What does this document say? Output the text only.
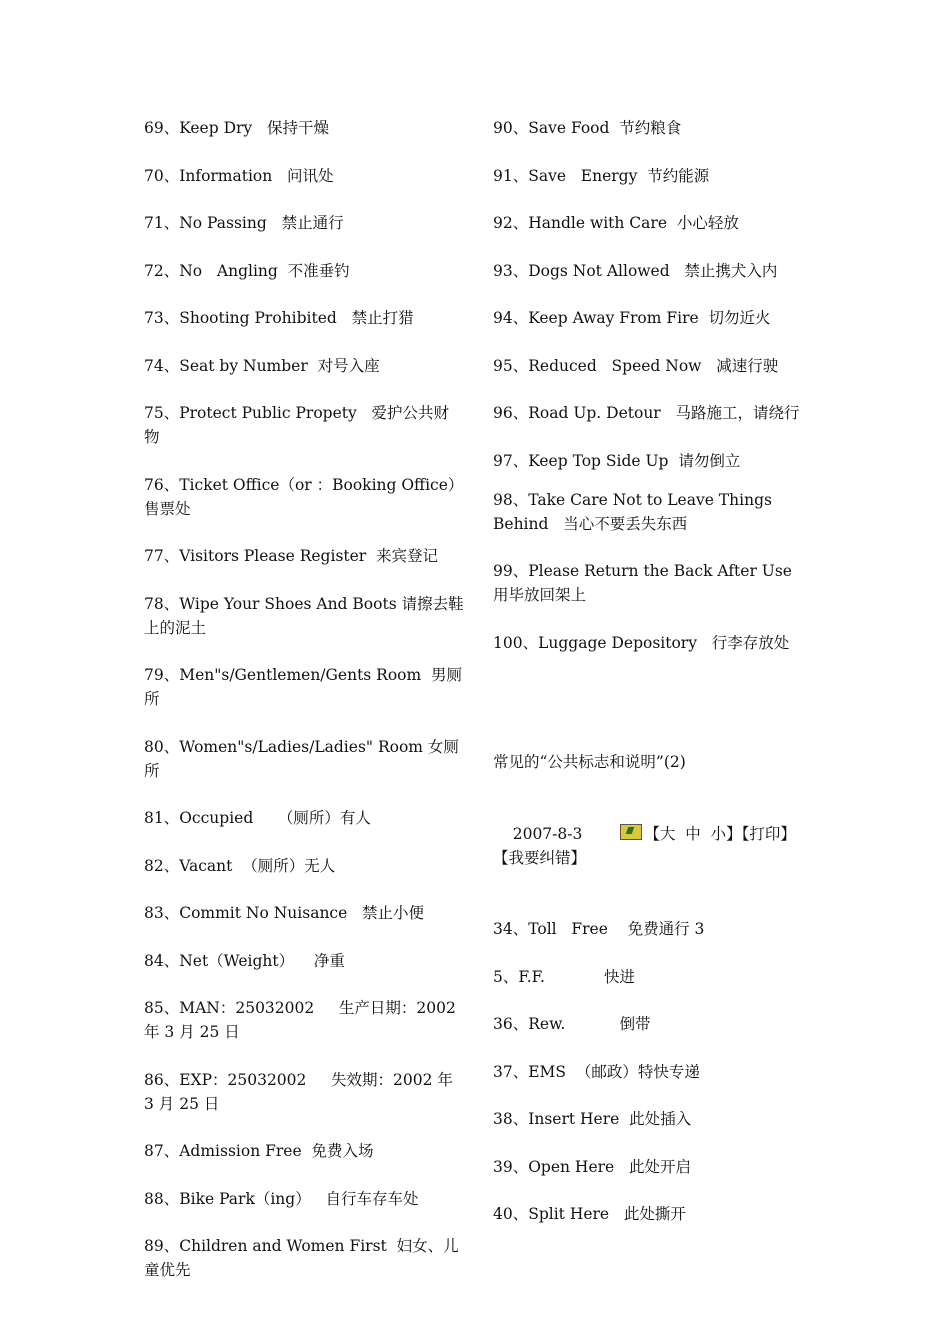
69、Keep Dry   保持干燥
70、Information   问讯处
71、No Passing   禁止通行
72、No   Angling  不准垂钓
73、Shooting Prohibited   禁止打猎
74、Seat by Number  对号入座
75、Protect Public Propety   爱护公共财物
76、Ticket Office（or ：Booking Office）售票处
77、Visitors Please Register  来宾登记
78、Wipe Your Shoes And Boots 请擦去鞋上的泥土
79、Men"s/Gentlemen/Gents Room  男厕所
80、Women"s/Ladies/Ladies" Room 女厕所
81、Occupied     （厕所）有人
82、Vacant  （厕所）无人
83、Commit No Nuisance   禁止小便
84、Net（Weight）    净重
85、MAN：25032002     生产日期：2002 年 3 月 25 日
86、EXP：25032002     失效期：2002 年 3 月 25 日
87、Admission Free  免费入场
88、Bike Park（ing）   自行车存车处
89、Children and Women First  妇女、儿童优先
90、Save Food  节约粮食
91、Save   Energy  节约能源
92、Handle with Care  小心轻放
93、Dogs Not Allowed   禁止携犬入内
94、Keep Away From Fire  切勿近火
95、Reduced   Speed Now   减速行驶
96、Road Up. Detour   马路施工，请绕行
97、Keep Top Side Up  请勿倒立
98、Take Care Not to Leave Things Behind   当心不要丢失东西
99、Please Return the Back After Use   用毕放回架上
100、Luggage Depository   行李存放处
常见的“公共标志和说明”(2)

2007-8-3	【大  中  小】【打印】【我要纠错】

34、Toll   Free    免费通行 3
5、F.F.            快进
36、Rew.           倒带
37、EMS  （邮政）特快专递
38、Insert Here  此处插入
39、Open Here   此处开启
40、Split Here   此处撕开
